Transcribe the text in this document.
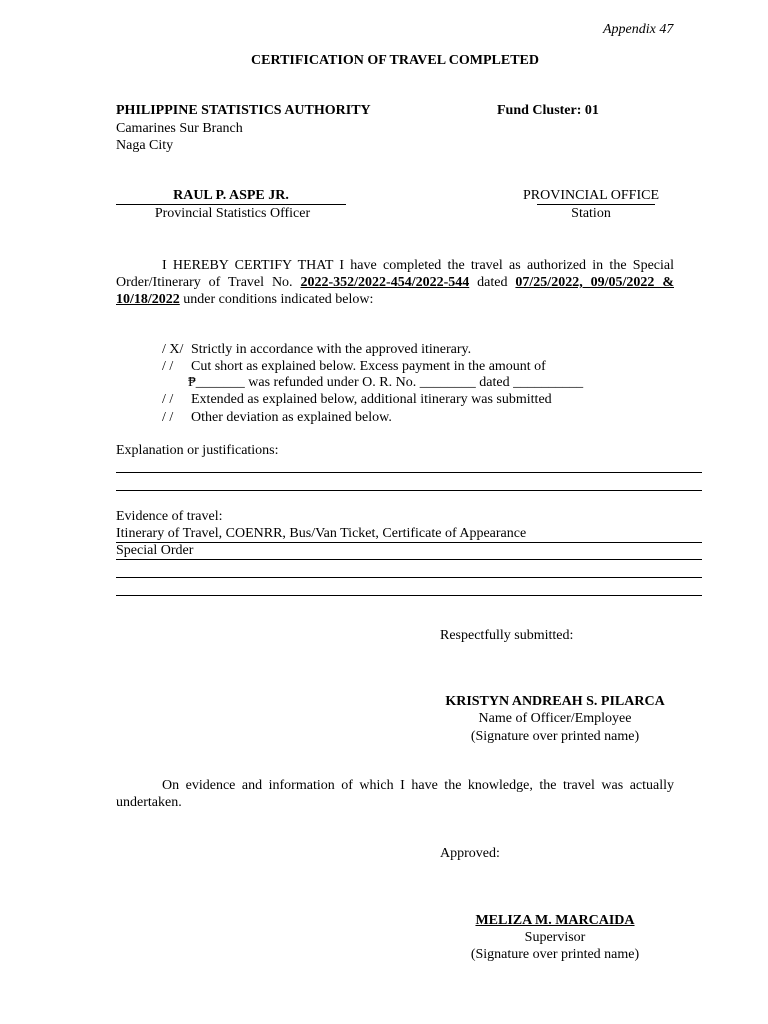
Appendix 47
CERTIFICATION OF TRAVEL COMPLETED
PHILIPPINE STATISTICS AUTHORITY	Fund Cluster: 01
Camarines Sur Branch
Naga City
RAUL P. ASPE JR.
Provincial Statistics Officer
PROVINCIAL OFFICE
Station
I HEREBY CERTIFY THAT I have completed the travel as authorized in the Special Order/Itinerary of Travel No. 2022-352/2022-454/2022-544 dated 07/25/2022, 09/05/2022 & 10/18/2022 under conditions indicated below:
/ X/ Strictly in accordance with the approved itinerary.
/ / Cut short as explained below. Excess payment in the amount of
₱_______ was refunded under O. R. No. ________ dated __________
/ / Extended as explained below, additional itinerary was submitted
/ / Other deviation as explained below.
Explanation or justifications:
Evidence of travel:
Itinerary of Travel, COENRR, Bus/Van Ticket, Certificate of Appearance
Special Order
Respectfully submitted:
KRISTYN ANDREAH S. PILARCA
Name of Officer/Employee
(Signature over printed name)
On evidence and information of which I have the knowledge, the travel was actually undertaken.
Approved:
MELIZA M. MARCAIDA
Supervisor
(Signature over printed name)
